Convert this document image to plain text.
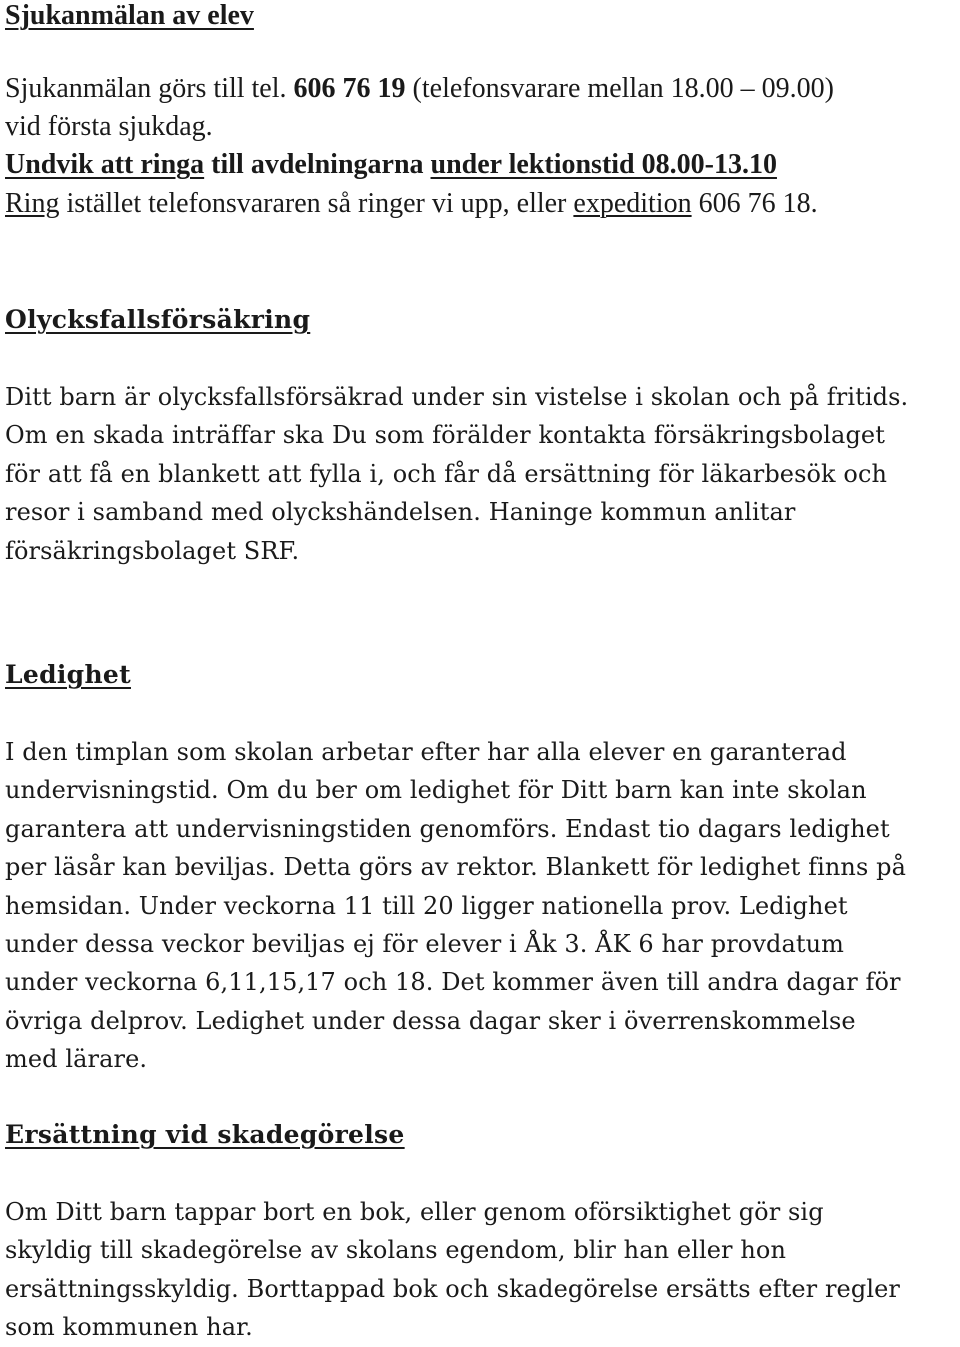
Sjukanmälan av elev
Sjukanmälan görs till tel. 606 76 19 (telefonsvarare mellan 18.00 – 09.00)
vid första sjukdag.
Undvik att ringa till avdelningarna under lektionstid 08.00-13.10
Ring istället telefonsvararen så ringer vi upp, eller expedition 606 76 18.
Olycksfallsförsäkring
Ditt barn är olycksfallsförsäkrad under sin vistelse i skolan och på fritids.
Om en skada inträffar ska Du som förälder kontakta försäkringsbolaget
för att få en blankett att fylla i, och får då ersättning för läkarbesök och
resor i samband med olyckshändelsen. Haninge kommun anlitar
försäkringsbolaget SRF.
Ledighet
I den timplan som skolan arbetar efter har alla elever en garanterad
undervisningstid. Om du ber om ledighet för Ditt barn kan inte skolan
garantera att undervisningstiden genomförs. Endast tio dagars ledighet
per läsår kan beviljas. Detta görs av rektor. Blankett för ledighet finns på
hemsidan. Under veckorna 11 till 20 ligger nationella prov. Ledighet
under dessa veckor beviljas ej för elever i Åk 3. ÅK 6 har provdatum
under veckorna 6,11,15,17 och 18. Det kommer även till andra dagar för
övriga delprov. Ledighet under dessa dagar sker i överrenskommelse
med lärare.
Ersättning vid skadegörelse
Om Ditt barn tappar bort en bok, eller genom oförsiktighet gör sig
skyldig till skadegörelse av skolans egendom, blir han eller hon
ersättningsskyldig. Borttappad bok och skadegörelse ersätts efter regler
som kommunen har.
